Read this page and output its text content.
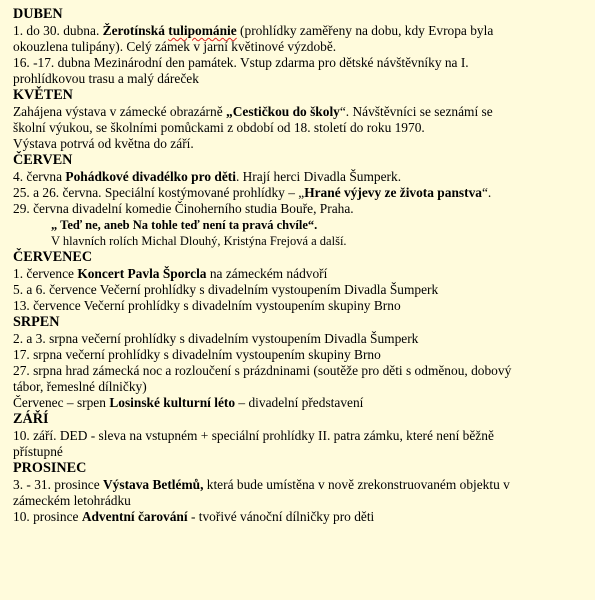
DUBEN
1. do 30. dubna. Žerotínská tulipománie (prohlídky zaměřeny na dobu, kdy Evropa byla
okouzlena tulipány). Celý zámek v jarní květinové výzdobě.
16. -17. dubna Mezinárodní den památek. Vstup zdarma pro dětské návštěvníky na I.
prohlídkovou trasu a malý dáreček
KVĚTEN
Zahájena výstava v zámecké obrazárně „Cestičkou do školy“. Návštěvníci se seznámí se
školní výukou, se školními pomůckami z období od 18. století do roku 1970.
Výstava potrvá od května do září.
ČERVEN
4. června Pohádkové divadélko pro děti. Hrají herci Divadla Šumperk.
25. a 26. června. Speciální kostýmované prohlídky – „Hrané výjevy ze života panstva“.
29. června divadelní komedie Činoherního studia Bouře, Praha.
„ Teď ne, aneb Na tohle teď není ta pravá chvíle“.
V hlavních rolích Michal Dlouhý, Kristýna Frejová a další.
ČERVENEC
1. července Koncert Pavla Šporcla na zámeckém nádvoří
5. a 6. července Večerní prohlídky s divadelním vystoupením Divadla Šumperk
13. července Večerní prohlídky s divadelním vystoupením skupiny Brno
SRPEN
2. a 3. srpna večerní prohlídky s divadelním vystoupením Divadla Šumperk
17. srpna večerní prohlídky s divadelním vystoupením skupiny Brno
27. srpna hrad zámecká noc a rozloučení s prázdninami (soutěže pro děti s odměnou, dobový
tábor, řemeslné dílničky)
Červenec – srpen Losinské kulturní léto – divadelní představení
ZÁŘÍ
10. září. DED - sleva na vstupném + speciální prohlídky II. patra zámku, které není běžně
přístupné
PROSINEC
3. - 31. prosince Výstava Betlémů, která bude umístěna v nově zrekonstruovaném objektu v
zámeckém letohrádku
10. prosince Adventní čarování - tvořivé vánoční dílničky pro děti
